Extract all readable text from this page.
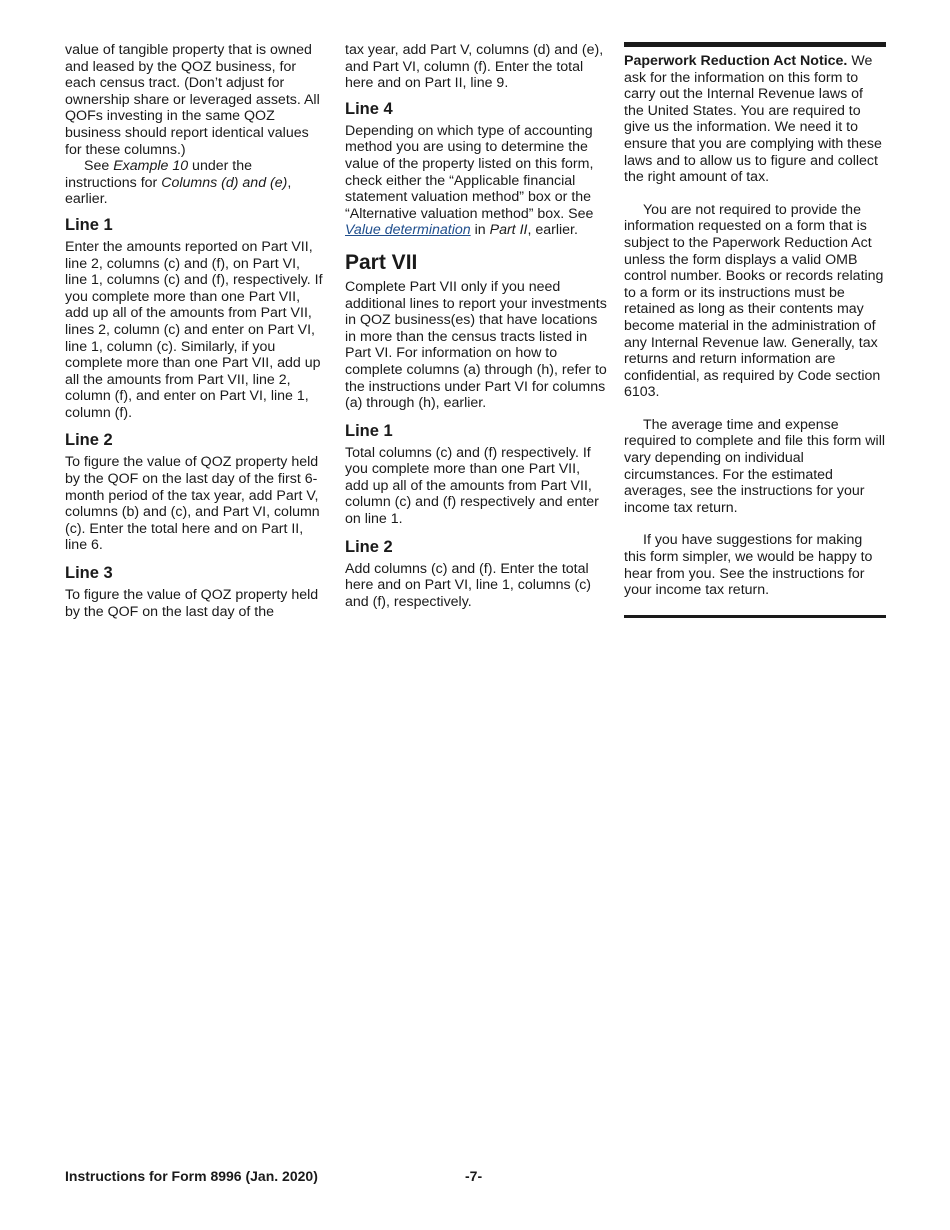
value of tangible property that is owned and leased by the QOZ business, for each census tract. (Don’t adjust for ownership share or leveraged assets. All QOFs investing in the same QOZ business should report identical values for these columns.)

See Example 10 under the instructions for Columns (d) and (e), earlier.

Line 1

Enter the amounts reported on Part VII, line 2, columns (c) and (f), on Part VI, line 1, columns (c) and (f), respectively. If you complete more than one Part VII, add up all of the amounts from Part VII, lines 2, column (c) and enter on Part VI, line 1, column (c). Similarly, if you complete more than one Part VII, add up all the amounts from Part VII, line 2, column (f), and enter on Part VI, line 1, column (f).

Line 2

To figure the value of QOZ property held by the QOF on the last day of the first 6-month period of the tax year, add Part V, columns (b) and (c), and Part VI, column (c). Enter the total here and on Part II, line 6.

Line 3

To figure the value of QOZ property held by the QOF on the last day of the

tax year, add Part V, columns (d) and (e), and Part VI, column (f). Enter the total here and on Part II, line 9.

Line 4

Depending on which type of accounting method you are using to determine the value of the property listed on this form, check either the “Applicable financial statement valuation method” box or the “Alternative valuation method” box. See Value determination in Part II, earlier.

Part VII

Complete Part VII only if you need additional lines to report your investments in QOZ business(es) that have locations in more than the census tracts listed in Part VI. For information on how to complete columns (a) through (h), refer to the instructions under Part VI for columns (a) through (h), earlier.

Line 1

Total columns (c) and (f) respectively. If you complete more than one Part VII, add up all of the amounts from Part VII, column (c) and (f) respectively and enter on line 1.

Line 2

Add columns (c) and (f). Enter the total here and on Part VI, line 1, columns (c) and (f), respectively.

Paperwork Reduction Act Notice. We ask for the information on this form to carry out the Internal Revenue laws of the United States. You are required to give us the information. We need it to ensure that you are complying with these laws and to allow us to figure and collect the right amount of tax.

You are not required to provide the information requested on a form that is subject to the Paperwork Reduction Act unless the form displays a valid OMB control number. Books or records relating to a form or its instructions must be retained as long as their contents may become material in the administration of any Internal Revenue law. Generally, tax returns and return information are confidential, as required by Code section 6103.

The average time and expense required to complete and file this form will vary depending on individual circumstances. For the estimated averages, see the instructions for your income tax return.

If you have suggestions for making this form simpler, we would be happy to hear from you. See the instructions for your income tax return.

Instructions for Form 8996 (Jan. 2020)	-7-
